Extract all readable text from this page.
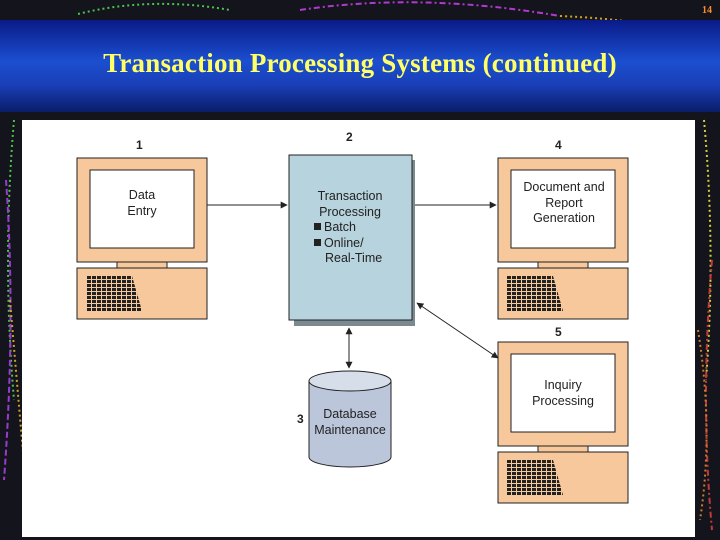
Transaction Processing Systems (continued)
14
1
2
3
4
5
Data Entry
Transaction Processing
Batch
Online/
Real-Time
Document and Report Generation
Inquiry Processing
Database Maintenance
